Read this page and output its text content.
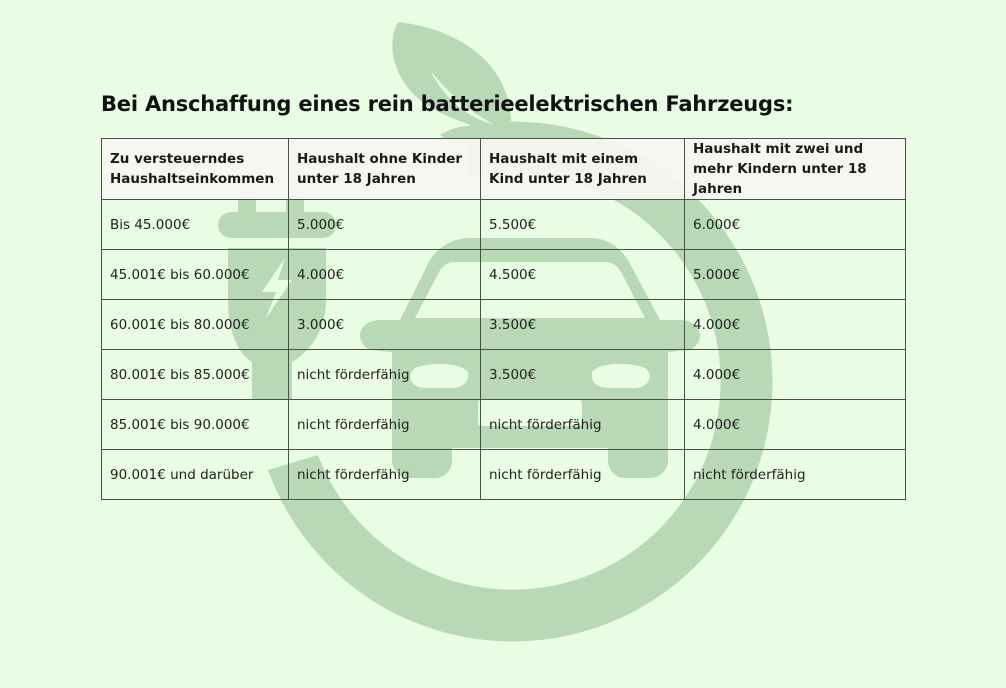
Bei Anschaffung eines rein batterieelektrischen Fahrzeugs:
Zu versteuerndes Haushaltseinkommen	Haushalt ohne Kinder unter 18 Jahren	Haushalt mit einem Kind unter 18 Jahren	Haushalt mit zwei und mehr Kindern unter 18 Jahren
Bis 45.000€	5.000€	5.500€	6.000€
45.001€ bis 60.000€	4.000€	4.500€	5.000€
60.001€ bis 80.000€	3.000€	3.500€	4.000€
80.001€ bis 85.000€	nicht förderfähig	3.500€	4.000€
85.001€ bis 90.000€	nicht förderfähig	nicht förderfähig	4.000€
90.001€ und darüber	nicht förderfähig	nicht förderfähig	nicht förderfähig
